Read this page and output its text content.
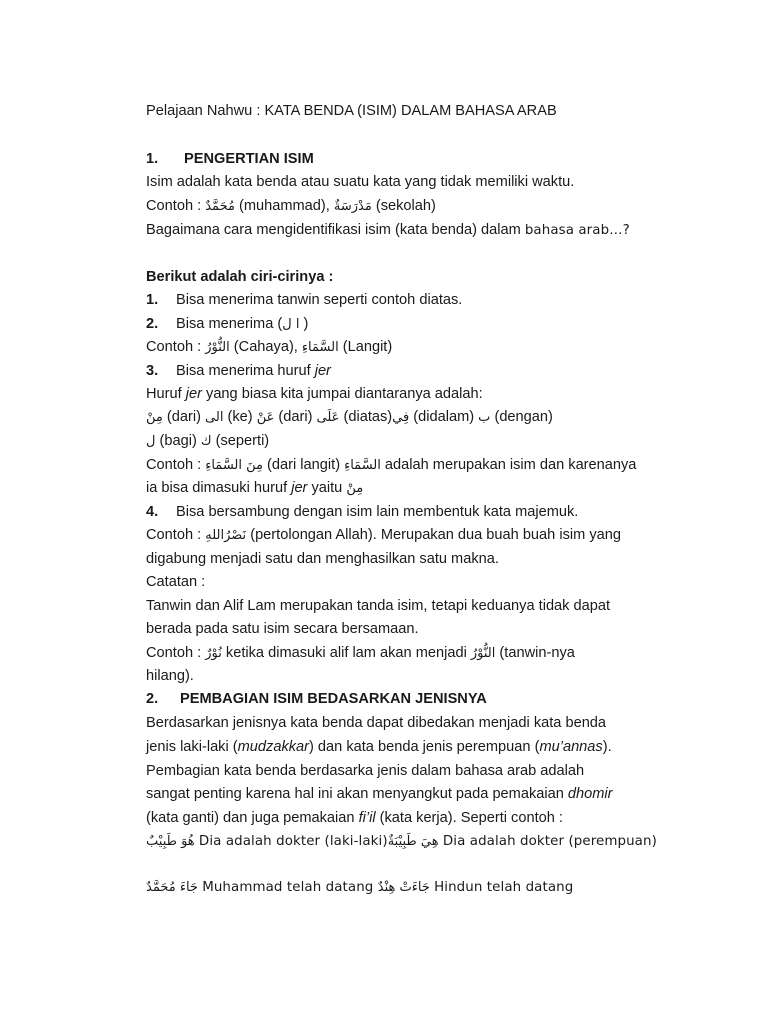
Pelajaan Nahwu : KATA BENDA (ISIM) DALAM BAHASA ARAB
1. PENGERTIAN ISIM
Isim adalah kata benda atau suatu kata yang tidak memiliki waktu.
Contoh : مُحَمَّدٌ (muhammad), مَدْرَسَةٌ (sekolah)
Bagaimana cara mengidentifikasi isim (kata benda) dalam bahasa arab…?
Berikut adalah ciri-cirinya :
1. Bisa menerima tanwin seperti contoh diatas.
2. Bisa menerima (ا ل )
Contoh : النُّوْرُ (Cahaya), السَّمَاءِ (Langit)
3. Bisa menerima huruf jer
Huruf jer yang biasa kita jumpai diantaranya adalah:
مِنْ (dari) الى (ke) عَنْ (dari) عَلَى (diatas)فِي (didalam) ب (dengan)
ل (bagi) ك (seperti)
Contoh : مِنَ السَّمَاءِ (dari langit) السَّمَاءِ adalah merupakan isim dan karenanya
ia bisa dimasuki huruf jer yaitu مِنْ
4. Bisa bersambung dengan isim lain membentuk kata majemuk.
Contoh : نَصْرُاللهِ (pertolongan Allah). Merupakan dua buah buah isim yang
digabung menjadi satu dan menghasilkan satu makna.
Catatan :
Tanwin dan Alif Lam merupakan tanda isim, tetapi keduanya tidak dapat
berada pada satu isim secara bersamaan.
Contoh : نُوْرٌ ketika dimasuki alif lam akan menjadi النُّوْرُ (tanwin-nya
hilang).
2. PEMBAGIAN ISIM BEDASARKAN JENISNYA
Berdasarkan jenisnya kata benda dapat dibedakan menjadi kata benda
jenis laki-laki (mudzakkar) dan kata benda jenis perempuan (mu’annas).
Pembagian kata benda berdasarka jenis dalam bahasa arab adalah
sangat penting karena hal ini akan menyangkut pada pemakaian dhomir
(kata ganti) dan juga pemakaian fi’il (kata kerja). Seperti contoh :
هُوَ طَبِيْبٌ Dia adalah dokter (laki-laki)هِيَ طَبِيْبَةٌ Dia adalah dokter (perempuan)
جَاءَ مُحَمَّدٌ Muhammad telah datang جَاءَتْ هِنْدٌ Hindun telah datang
